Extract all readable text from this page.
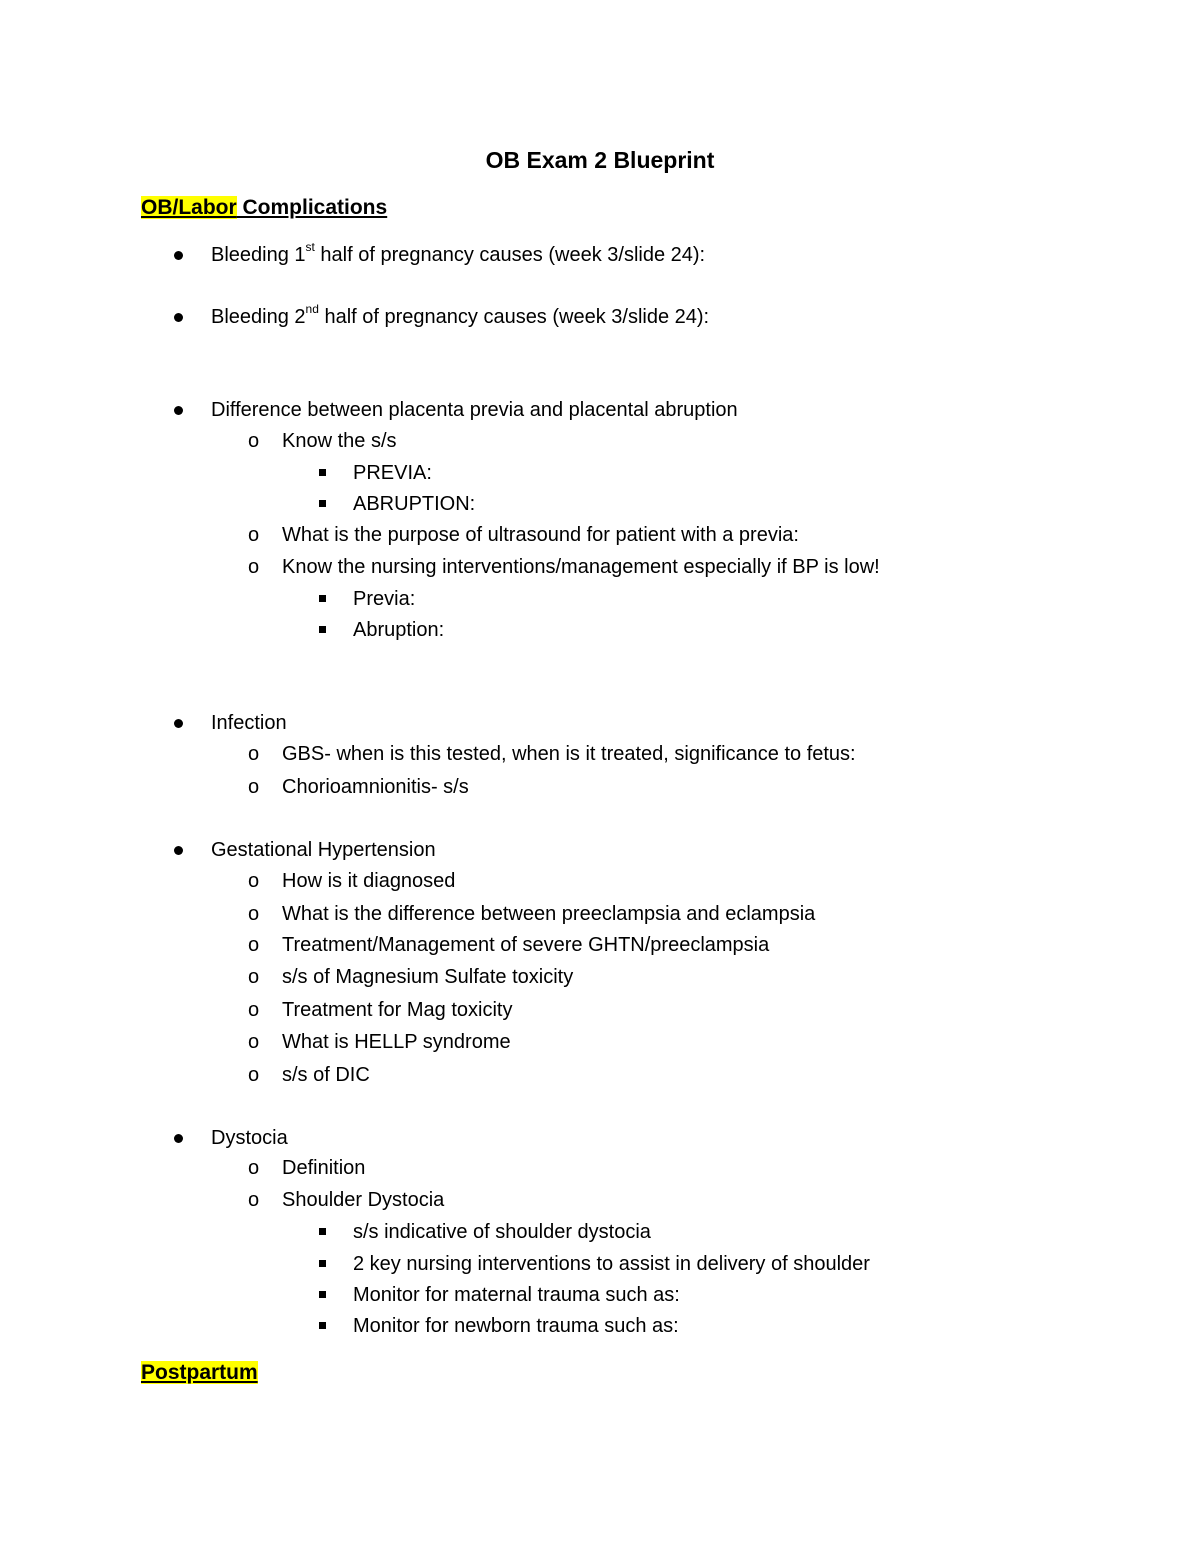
OB Exam 2 Blueprint
OB/Labor Complications
Bleeding 1st half of pregnancy causes (week 3/slide 24):
Bleeding 2nd half of pregnancy causes (week 3/slide 24):
Difference between placenta previa and placental abruption
o Know the s/s
PREVIA:
ABRUPTION:
o What is the purpose of ultrasound for patient with a previa:
o Know the nursing interventions/management especially if BP is low!
Previa:
Abruption:
Infection
o GBS- when is this tested, when is it treated, significance to fetus:
o Chorioamnionitis- s/s
Gestational Hypertension
o How is it diagnosed
o What is the difference between preeclampsia and eclampsia
o Treatment/Management of severe GHTN/preeclampsia
o s/s of Magnesium Sulfate toxicity
o Treatment for Mag toxicity
o What is HELLP syndrome
o s/s of DIC
Dystocia
o Definition
o Shoulder Dystocia
s/s indicative of shoulder dystocia
2 key nursing interventions to assist in delivery of shoulder
Monitor for maternal trauma such as:
Monitor for newborn trauma such as:
Postpartum
